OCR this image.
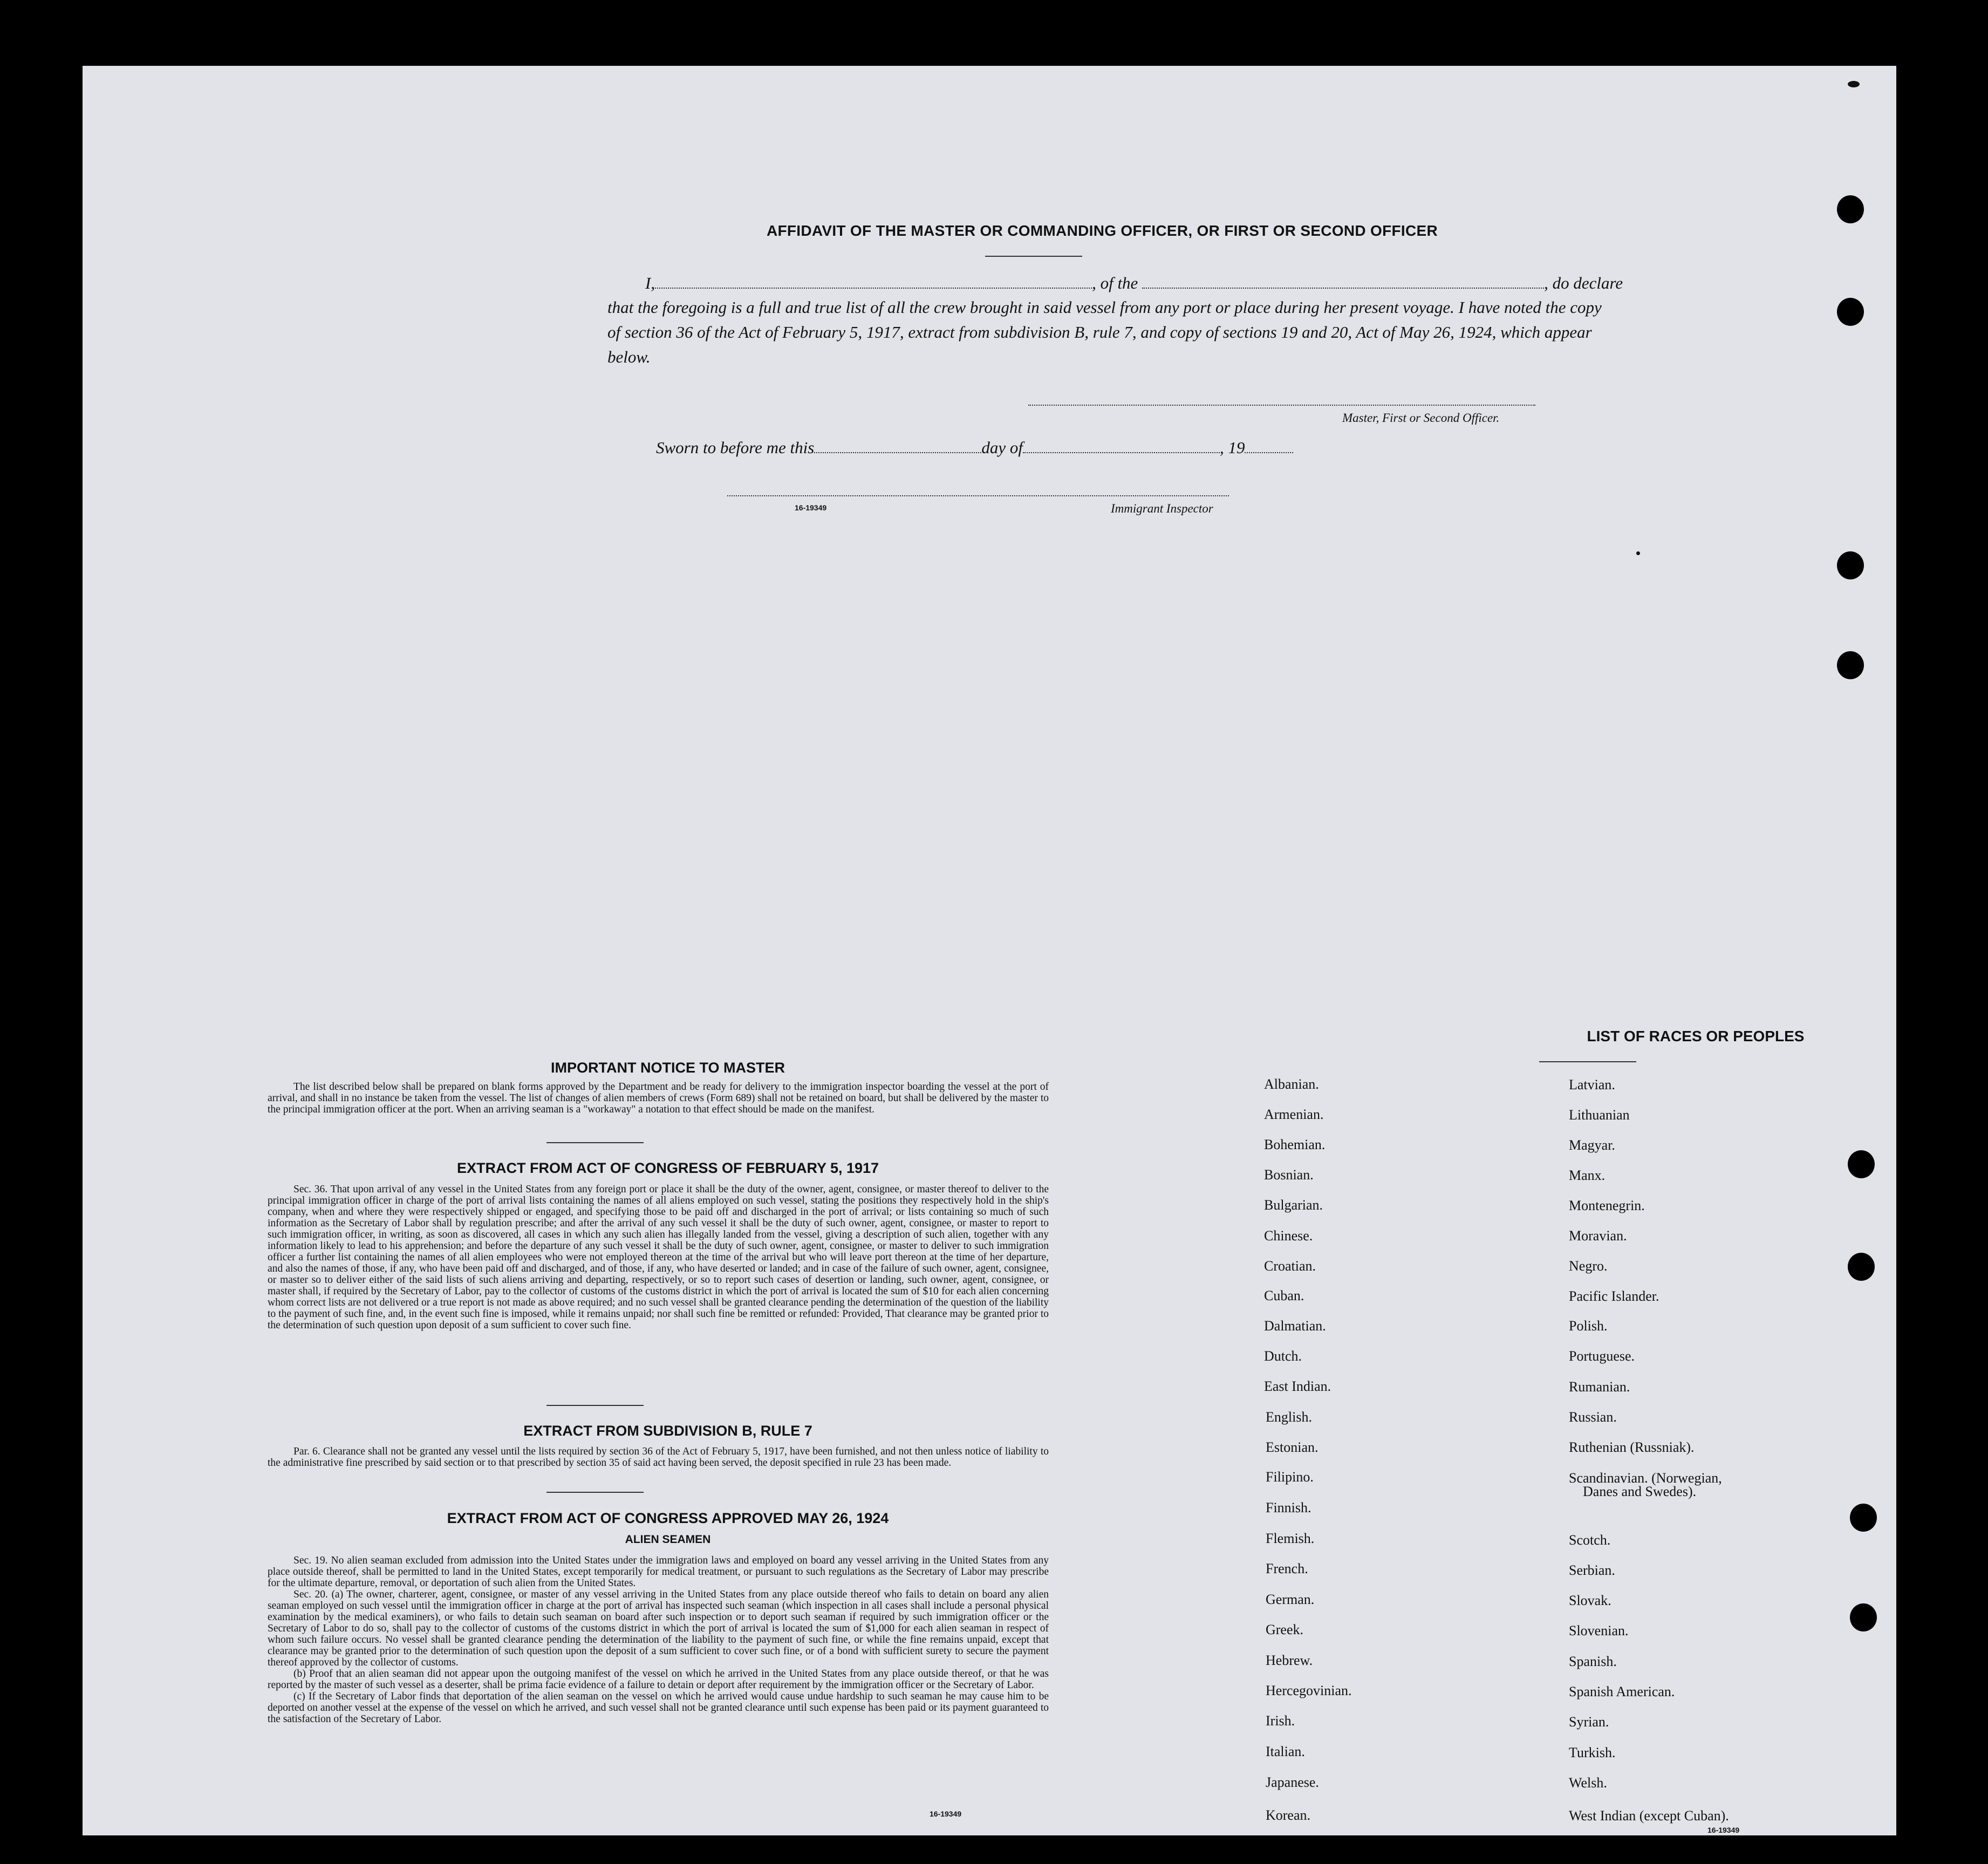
AFFIDAVIT OF THE MASTER OR COMMANDING OFFICER, OR FIRST OR SECOND OFFICER
I,	, of the	, do declare
that the foregoing is a full and true list of all the crew brought in said vessel from any port or place during her present voyage. I have noted the copy of section 36 of the Act of February 5, 1917, extract from subdivision B, rule 7, and copy of sections 19 and 20, Act of May 26, 1924, which appear below.
Master, First or Second Officer.
Sworn to before me this	day of	, 19
16-19349	Immigrant Inspector
IMPORTANT NOTICE TO MASTER

The list described below shall be prepared on blank forms approved by the Department and be ready for delivery to the immigration inspector boarding the vessel at the port of arrival, and shall in no instance be taken from the vessel. The list of changes of alien members of crews (Form 689) shall not be retained on board, but shall be delivered by the master to the principal immigration officer at the port. When an arriving seaman is a "workaway" a notation to that effect should be made on the manifest.

EXTRACT FROM ACT OF CONGRESS OF FEBRUARY 5, 1917

Sec. 36. That upon arrival of any vessel in the United States from any foreign port or place it shall be the duty of the owner, agent, consignee, or master thereof to deliver to the principal immigration officer in charge of the port of arrival lists containing the names of all aliens employed on such vessel, stating the positions they respectively hold in the ship's company, when and where they were respectively shipped or engaged, and specifying those to be paid off and discharged in the port of arrival; or lists containing so much of such information as the Secretary of Labor shall by regulation prescribe; and after the arrival of any such vessel it shall be the duty of such owner, agent, consignee, or master to report to such immigration officer, in writing, as soon as discovered, all cases in which any such alien has illegally landed from the vessel, giving a description of such alien, together with any information likely to lead to his apprehension; and before the departure of any such vessel it shall be the duty of such owner, agent, consignee, or master to deliver to such immigration officer a further list containing the names of all alien employees who were not employed thereon at the time of the arrival but who will leave port thereon at the time of her departure, and also the names of those, if any, who have been paid off and discharged, and of those, if any, who have deserted or landed; and in case of the failure of such owner, agent, consignee, or master so to deliver either of the said lists of such aliens arriving and departing, respectively, or so to report such cases of desertion or landing, such owner, agent, consignee, or master shall, if required by the Secretary of Labor, pay to the collector of customs of the customs district in which the port of arrival is located the sum of $10 for each alien concerning whom correct lists are not delivered or a true report is not made as above required; and no such vessel shall be granted clearance pending the determination of the question of the liability to the payment of such fine, and, in the event such fine is imposed, while it remains unpaid; nor shall such fine be remitted or refunded: Provided, That clearance may be granted prior to the determination of such question upon deposit of a sum sufficient to cover such fine.

EXTRACT FROM SUBDIVISION B, RULE 7

Par. 6. Clearance shall not be granted any vessel until the lists required by section 36 of the Act of February 5, 1917, have been furnished, and not then unless notice of liability to the administrative fine prescribed by said section or to that prescribed by section 35 of said act having been served, the deposit specified in rule 23 has been made.

EXTRACT FROM ACT OF CONGRESS APPROVED MAY 26, 1924
ALIEN SEAMEN

Sec. 19. No alien seaman excluded from admission into the United States under the immigration laws and employed on board any vessel arriving in the United States from any place outside thereof, shall be permitted to land in the United States, except temporarily for medical treatment, or pursuant to such regulations as the Secretary of Labor may prescribe for the ultimate departure, removal, or deportation of such alien from the United States.

Sec. 20. (a) The owner, charterer, agent, consignee, or master of any vessel arriving in the United States from any place outside thereof who fails to detain on board any alien seaman employed on such vessel until the immigration officer in charge at the port of arrival has inspected such seaman (which inspection in all cases shall include a personal physical examination by the medical examiners), or who fails to detain such seaman on board after such inspection or to deport such seaman if required by such immigration officer or the Secretary of Labor to do so, shall pay to the collector of customs of the customs district in which the port of arrival is located the sum of $1,000 for each alien seaman in respect of whom such failure occurs. No vessel shall be granted clearance pending the determination of the liability to the payment of such fine, or while the fine remains unpaid, except that clearance may be granted prior to the determination of such question upon the deposit of a sum sufficient to cover such fine, or of a bond with sufficient surety to secure the payment thereof approved by the collector of customs.

(b) Proof that an alien seaman did not appear upon the outgoing manifest of the vessel on which he arrived in the United States from any place outside thereof, or that he was reported by the master of such vessel as a deserter, shall be prima facie evidence of a failure to detain or deport after requirement by the immigration officer or the Secretary of Labor.

(c) If the Secretary of Labor finds that deportation of the alien seaman on the vessel on which he arrived would cause undue hardship to such seaman he may cause him to be deported on another vessel at the expense of the vessel on which he arrived, and such vessel shall not be granted clearance until such expense has been paid or its payment guaranteed to the satisfaction of the Secretary of Labor.

16-19349
LIST OF RACES OR PEOPLES
16-19349
Albanian.
Armenian.
Bohemian.
Bosnian.
Bulgarian.
Chinese.
Croatian.
Cuban.
Dalmatian.
Dutch.
East Indian.
English.
Estonian.
Filipino.
Finnish.
Flemish.
French.
German.
Greek.
Hebrew.
Hercegovinian.
Irish.
Italian.
Japanese.
Korean.
Latvian.
Lithuanian
Magyar.
Manx.
Montenegrin.
Moravian.
Negro.
Pacific Islander.
Polish.
Portuguese.
Rumanian.
Russian.
Ruthenian (Russniak).
Scandinavian. (Norwegian,
Danes and Swedes).
Scotch.
Serbian.
Slovak.
Slovenian.
Spanish.
Spanish American.
Syrian.
Turkish.
Welsh.
West Indian (except Cuban).
